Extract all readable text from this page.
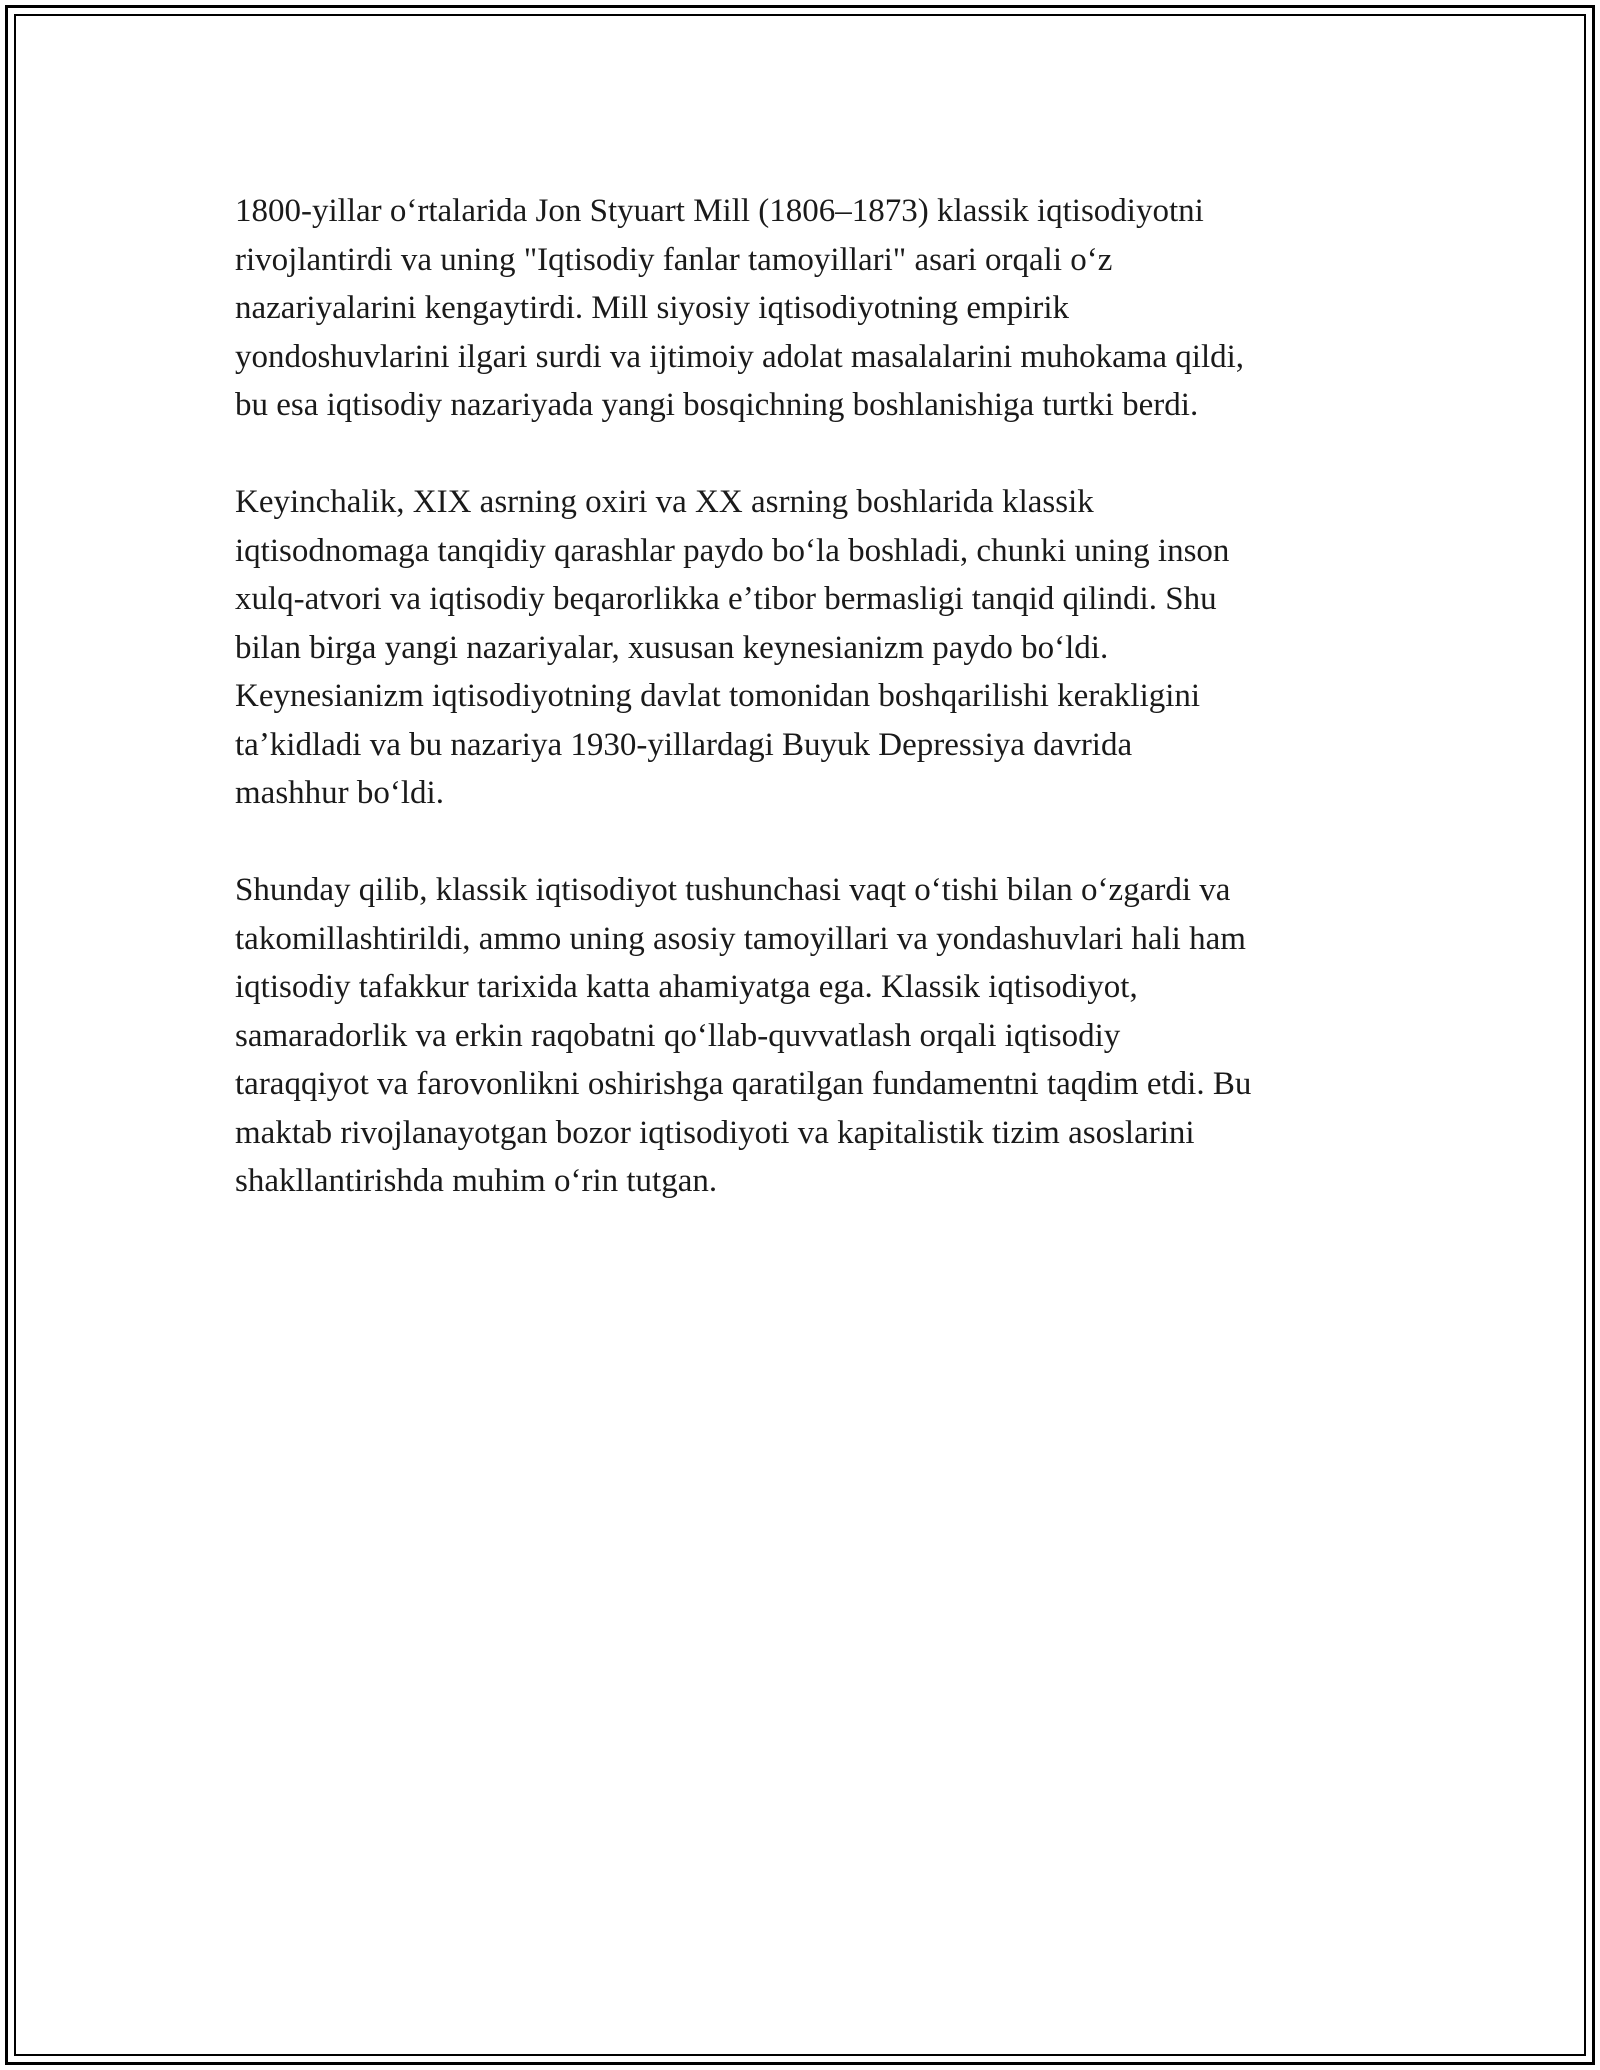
1800-yillar oʻrtalarida Jon Styuart Mill (1806–1873) klassik iqtisodiyotni
rivojlantirdi va uning "Iqtisodiy fanlar tamoyillari" asari orqali oʻz
nazariyalarini kengaytirdi. Mill siyosiy iqtisodiyotning empirik
yondoshuvlarini ilgari surdi va ijtimoiy adolat masalalarini muhokama qildi,
bu esa iqtisodiy nazariyada yangi bosqichning boshlanishiga turtki berdi.

Keyinchalik, XIX asrning oxiri va XX asrning boshlarida klassik
iqtisodnomaga tanqidiy qarashlar paydo boʻla boshladi, chunki uning inson
xulq-atvori va iqtisodiy beqarorlikka eʼtibor bermasligi tanqid qilindi. Shu
bilan birga yangi nazariyalar, xususan keynesianizm paydo boʻldi.
Keynesianizm iqtisodiyotning davlat tomonidan boshqarilishi kerakligini
taʼkidladi va bu nazariya 1930-yillardagi Buyuk Depressiya davrida
mashhur boʻldi.

Shunday qilib, klassik iqtisodiyot tushunchasi vaqt oʻtishi bilan oʻzgardi va
takomillashtirildi, ammo uning asosiy tamoyillari va yondashuvlari hali ham
iqtisodiy tafakkur tarixida katta ahamiyatga ega. Klassik iqtisodiyot,
samaradorlik va erkin raqobatni qoʻllab-quvvatlash orqali iqtisodiy
taraqqiyot va farovonlikni oshirishga qaratilgan fundamentni taqdim etdi. Bu
maktab rivojlanayotgan bozor iqtisodiyoti va kapitalistik tizim asoslarini
shakllantirishda muhim oʻrin tutgan.
